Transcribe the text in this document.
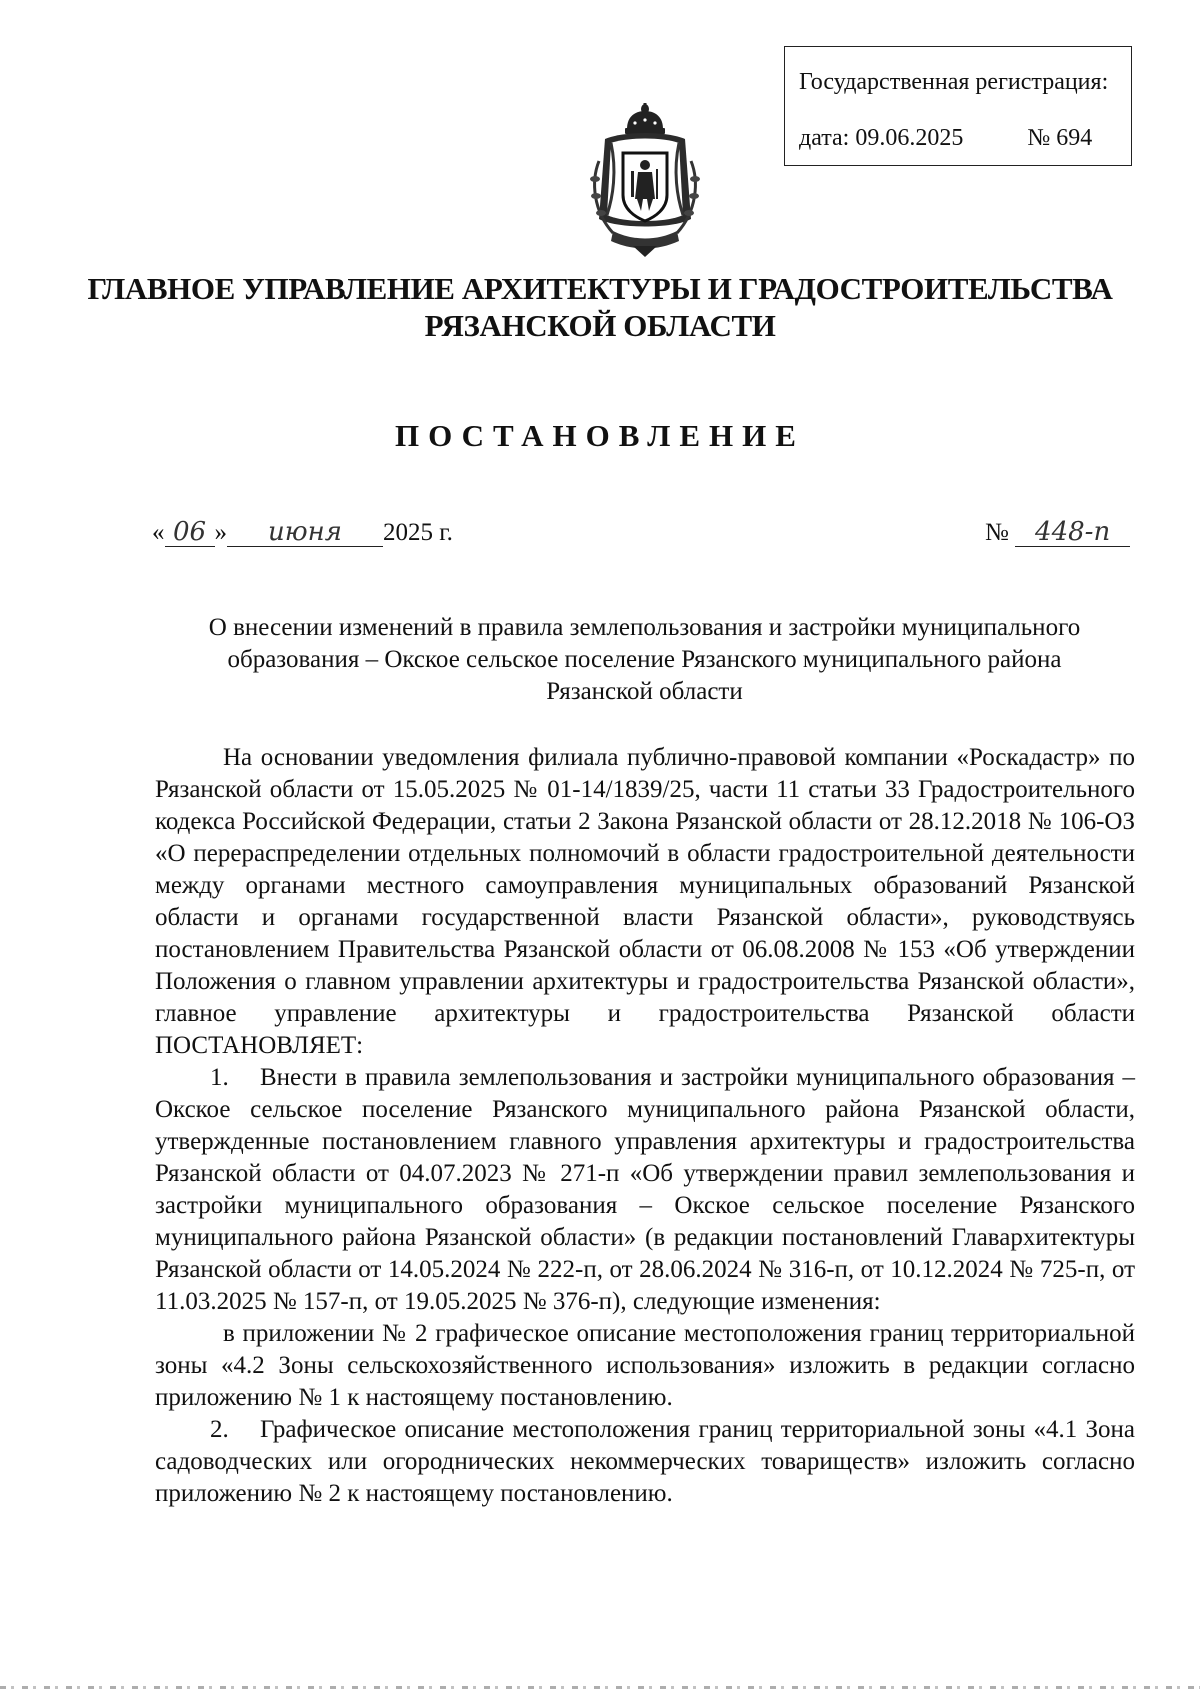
Государственная регистрация:
дата: 09.06.2025	№ 694
ГЛАВНОЕ УПРАВЛЕНИЕ АРХИТЕКТУРЫ И ГРАДОСТРОИТЕЛЬСТВА
РЯЗАНСКОЙ ОБЛАСТИ
ПОСТАНОВЛЕНИЕ
« 06 » июня 2025 г.	№ 448-п
О внесении изменений в правила землепользования и застройки муниципального
образования – Окское сельское поселение Рязанского муниципального района
Рязанской области

На основании уведомления филиала публично-правовой компании «Роскадастр» по Рязанской области от 15.05.2025 № 01-14/1839/25, части 11 статьи 33 Градостроительного кодекса Российской Федерации, статьи 2 Закона Рязанской области от 28.12.2018 № 106-ОЗ «О перераспределении отдельных полномочий в области градостроительной деятельности между органами местного самоуправления муниципальных образований Рязанской области и органами государственной власти Рязанской области», руководствуясь постановлением Правительства Рязанской области от 06.08.2008 № 153 «Об утверждении Положения о главном управлении архитектуры и градостроительства Рязанской области», главное управление архитектуры и градостроительства Рязанской области ПОСТАНОВЛЯЕТ:

1. Внести в правила землепользования и застройки муниципального образования – Окское сельское поселение Рязанского муниципального района Рязанской области, утвержденные постановлением главного управления архитектуры и градостроительства Рязанской области от 04.07.2023 № 271-п «Об утверждении правил землепользования и застройки муниципального образования – Окское сельское поселение Рязанского муниципального района Рязанской области» (в редакции постановлений Главархитектуры Рязанской области от 14.05.2024 № 222-п, от 28.06.2024 № 316-п, от 10.12.2024 № 725-п, от 11.03.2025 № 157-п, от 19.05.2025 № 376-п), следующие изменения:

в приложении № 2 графическое описание местоположения границ территориальной зоны «4.2 Зоны сельскохозяйственного использования» изложить в редакции согласно приложению № 1 к настоящему постановлению.

2. Графическое описание местоположения границ территориальной зоны «4.1 Зона садоводческих или огороднических некоммерческих товариществ» изложить согласно приложению № 2 к настоящему постановлению.
